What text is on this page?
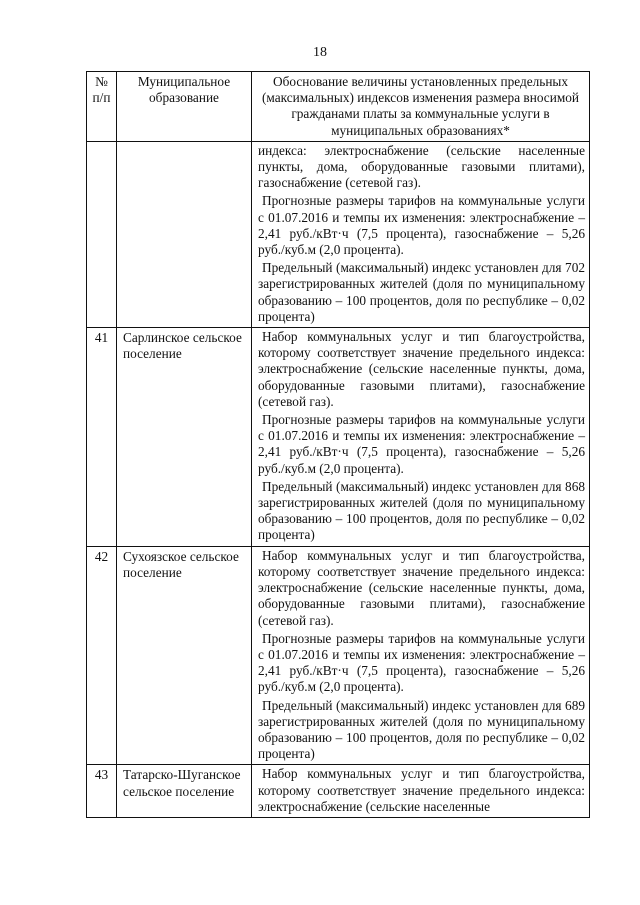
18
№ п/п	Муниципальное образование	Обоснование величины установленных предельных (максимальных) индексов изменения размера вносимой гражданами платы за коммунальные услуги в муниципальных образованиях*

		индекса: электроснабжение (сельские населенные пункты, дома, оборудованные газовыми плитами), газоснабжение (сетевой газ).
Прогнозные размеры тарифов на коммунальные услуги с 01.07.2016 и темпы их изменения: электроснабжение – 2,41 руб./кВт·ч (7,5 процента), газоснабжение – 5,26 руб./куб.м (2,0 процента).
Предельный (максимальный) индекс установлен для 702 зарегистрированных жителей (доля по муниципальному образованию – 100 процентов, доля по республике – 0,02 процента)

41	Сарлинское сельское поселение	Набор коммунальных услуг и тип благоустройства, которому соответствует значение предельного индекса: электроснабжение (сельские населенные пункты, дома, оборудованные газовыми плитами), газоснабжение (сетевой газ).
Прогнозные размеры тарифов на коммунальные услуги с 01.07.2016 и темпы их изменения: электроснабжение – 2,41 руб./кВт·ч (7,5 процента), газоснабжение – 5,26 руб./куб.м (2,0 процента).
Предельный (максимальный) индекс установлен для 868 зарегистрированных жителей (доля по муниципальному образованию – 100 процентов, доля по республике – 0,02 процента)

42	Сухоязское сельское поселение	Набор коммунальных услуг и тип благоустройства, которому соответствует значение предельного индекса: электроснабжение (сельские населенные пункты, дома, оборудованные газовыми плитами), газоснабжение (сетевой газ).
Прогнозные размеры тарифов на коммунальные услуги с 01.07.2016 и темпы их изменения: электроснабжение – 2,41 руб./кВт·ч (7,5 процента), газоснабжение – 5,26 руб./куб.м (2,0 процента).
Предельный (максимальный) индекс установлен для 689 зарегистрированных жителей (доля по муниципальному образованию – 100 процентов, доля по республике – 0,02 процента)

43	Татарско-Шуганское сельское поселение	Набор коммунальных услуг и тип благоустройства, которому соответствует значение предельного индекса: электроснабжение (сельские населенные
